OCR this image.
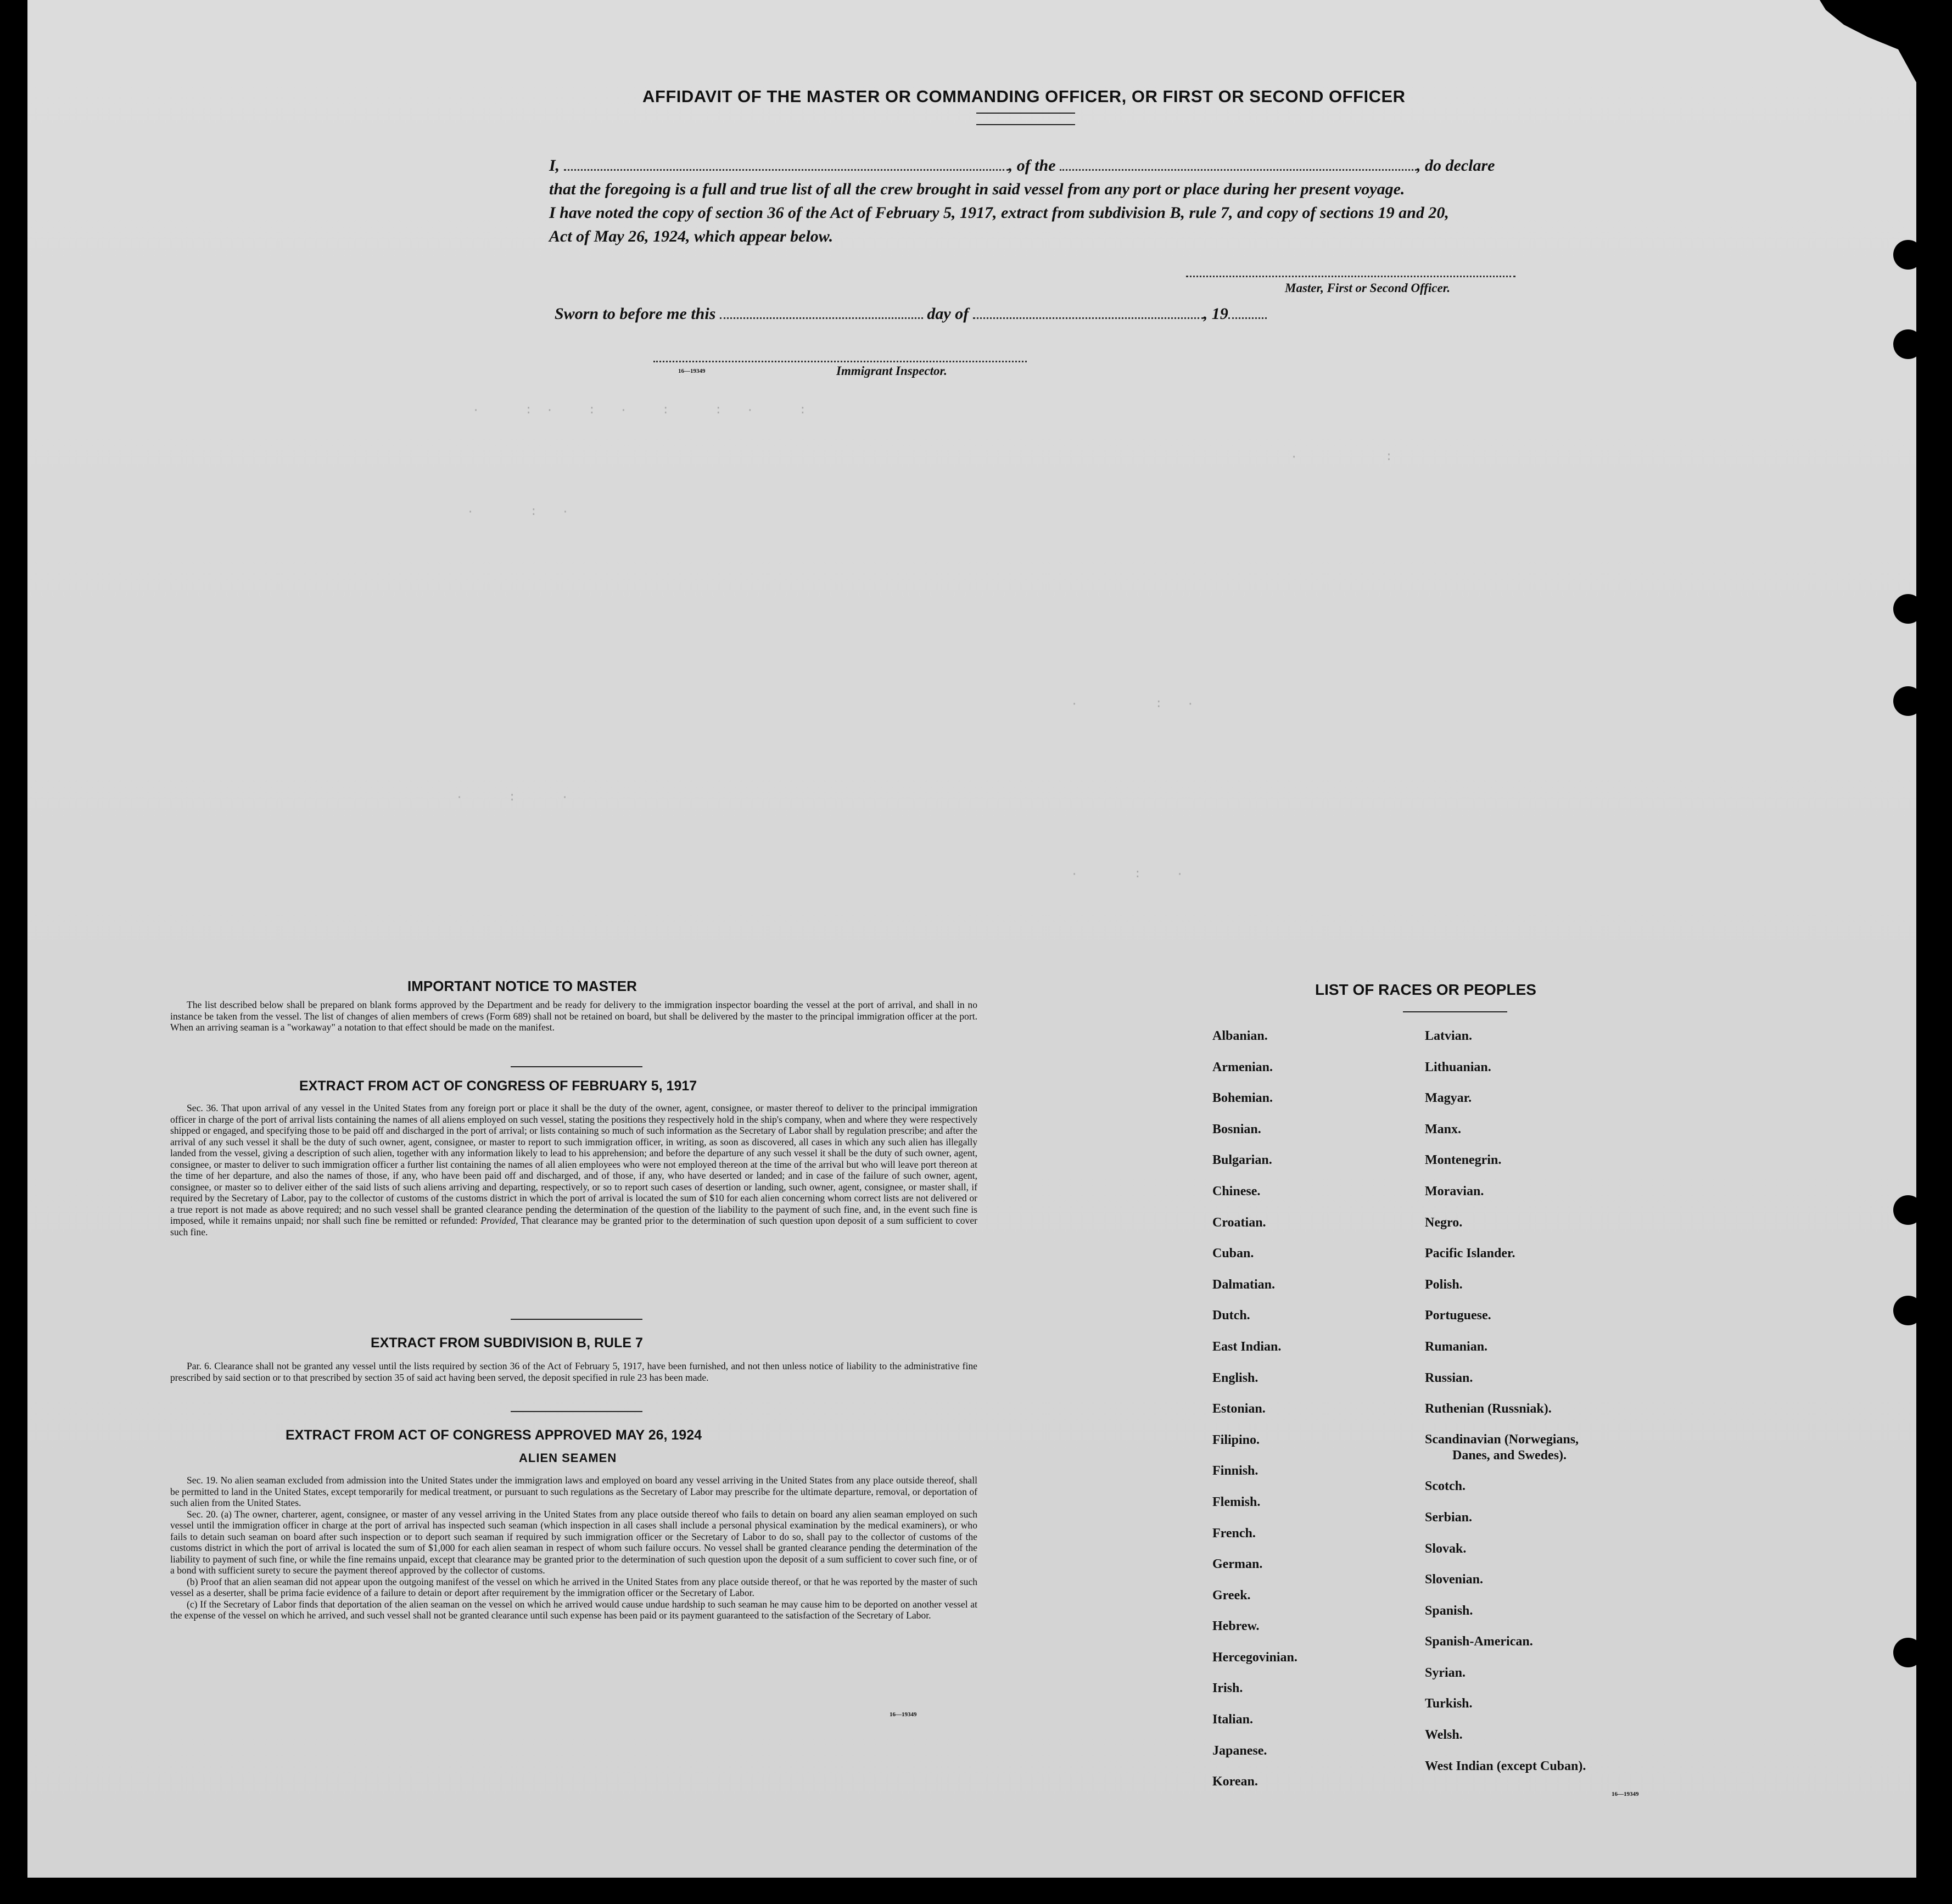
AFFIDAVIT OF THE MASTER OR COMMANDING OFFICER, OR FIRST OR SECOND OFFICER
I,	, of the	, do declare
that the foregoing is a full and true list of all the crew brought in said vessel from any port or place during her present voyage.
I have noted the copy of section 36 of the Act of February 5, 1917, extract from subdivision B, rule 7, and copy of sections 19 and 20,
Act of May 26, 1924, which appear below.
Master, First or Second Officer.
Sworn to before me this	day of	, 19
16—19349	Immigrant Inspector.
·    : ·   :  ·   :    :  ·    :
·     :  ·
·        :
·       :  ·
·    :    ·
·     :   ·
IMPORTANT NOTICE TO MASTER

The list described below shall be prepared on blank forms approved by the Department and be ready for delivery to the immigration inspector boarding the vessel at the port of arrival, and shall in no instance be taken from the vessel. The list of changes of alien members of crews (Form 689) shall not be retained on board, but shall be delivered by the master to the principal immigration officer at the port. When an arriving seaman is a "workaway" a notation to that effect should be made on the manifest.

EXTRACT FROM ACT OF CONGRESS OF FEBRUARY 5, 1917

Sec. 36. That upon arrival of any vessel in the United States from any foreign port or place it shall be the duty of the owner, agent, consignee, or master thereof to deliver to the principal immigration officer in charge of the port of arrival lists containing the names of all aliens employed on such vessel, stating the positions they respectively hold in the ship's company, when and where they were respectively shipped or engaged, and specifying those to be paid off and discharged in the port of arrival; or lists containing so much of such information as the Secretary of Labor shall by regulation prescribe; and after the arrival of any such vessel it shall be the duty of such owner, agent, consignee, or master to report to such immigration officer, in writing, as soon as discovered, all cases in which any such alien has illegally landed from the vessel, giving a description of such alien, together with any information likely to lead to his apprehension; and before the departure of any such vessel it shall be the duty of such owner, agent, consignee, or master to deliver to such immigration officer a further list containing the names of all alien employees who were not employed thereon at the time of the arrival but who will leave port thereon at the time of her departure, and also the names of those, if any, who have been paid off and discharged, and of those, if any, who have deserted or landed; and in case of the failure of such owner, agent, consignee, or master so to deliver either of the said lists of such aliens arriving and departing, respectively, or so to report such cases of desertion or landing, such owner, agent, consignee, or master shall, if required by the Secretary of Labor, pay to the collector of customs of the customs district in which the port of arrival is located the sum of $10 for each alien concerning whom correct lists are not delivered or a true report is not made as above required; and no such vessel shall be granted clearance pending the determination of the question of the liability to the payment of such fine, and, in the event such fine is imposed, while it remains unpaid; nor shall such fine be remitted or refunded: Provided, That clearance may be granted prior to the determination of such question upon deposit of a sum sufficient to cover such fine.

EXTRACT FROM SUBDIVISION B, RULE 7

Par. 6. Clearance shall not be granted any vessel until the lists required by section 36 of the Act of February 5, 1917, have been furnished, and not then unless notice of liability to the administrative fine prescribed by said section or to that prescribed by section 35 of said act having been served, the deposit specified in rule 23 has been made.

EXTRACT FROM ACT OF CONGRESS APPROVED MAY 26, 1924
ALIEN SEAMEN

Sec. 19. No alien seaman excluded from admission into the United States under the immigration laws and employed on board any vessel arriving in the United States from any place outside thereof, shall be permitted to land in the United States, except temporarily for medical treatment, or pursuant to such regulations as the Secretary of Labor may prescribe for the ultimate departure, removal, or deportation of such alien from the United States.

Sec. 20. (a) The owner, charterer, agent, consignee, or master of any vessel arriving in the United States from any place outside thereof who fails to detain on board any alien seaman employed on such vessel until the immigration officer in charge at the port of arrival has inspected such seaman (which inspection in all cases shall include a personal physical examination by the medical examiners), or who fails to detain such seaman on board after such inspection or to deport such seaman if required by such immigration officer or the Secretary of Labor to do so, shall pay to the collector of customs of the customs district in which the port of arrival is located the sum of $1,000 for each alien seaman in respect of whom such failure occurs. No vessel shall be granted clearance pending the determination of the liability to payment of such fine, or while the fine remains unpaid, except that clearance may be granted prior to the determination of such question upon the deposit of a sum sufficient to cover such fine, or of a bond with sufficient surety to secure the payment thereof approved by the collector of customs.

(b) Proof that an alien seaman did not appear upon the outgoing manifest of the vessel on which he arrived in the United States from any place outside thereof, or that he was reported by the master of such vessel as a deserter, shall be prima facie evidence of a failure to detain or deport after requirement by the immigration officer or the Secretary of Labor.

(c) If the Secretary of Labor finds that deportation of the alien seaman on the vessel on which he arrived would cause undue hardship to such seaman he may cause him to be deported on another vessel at the expense of the vessel on which he arrived, and such vessel shall not be granted clearance until such expense has been paid or its payment guaranteed to the satisfaction of the Secretary of Labor.

16—19349
LIST OF RACES OR PEOPLES
Albanian.
Armenian.
Bohemian.
Bosnian.
Bulgarian.
Chinese.
Croatian.
Cuban.
Dalmatian.
Dutch.
East Indian.
English.
Estonian.
Filipino.
Finnish.
Flemish.
French.
German.
Greek.
Hebrew.
Hercegovinian.
Irish.
Italian.
Japanese.
Korean.
Latvian.
Lithuanian.
Magyar.
Manx.
Montenegrin.
Moravian.
Negro.
Pacific Islander.
Polish.
Portuguese.
Rumanian.
Russian.
Ruthenian (Russniak).
Scandinavian (Norwegians,
Danes, and Swedes).
Scotch.
Serbian.
Slovak.
Slovenian.
Spanish.
Spanish-American.
Syrian.
Turkish.
Welsh.
West Indian (except Cuban).
16—19349
